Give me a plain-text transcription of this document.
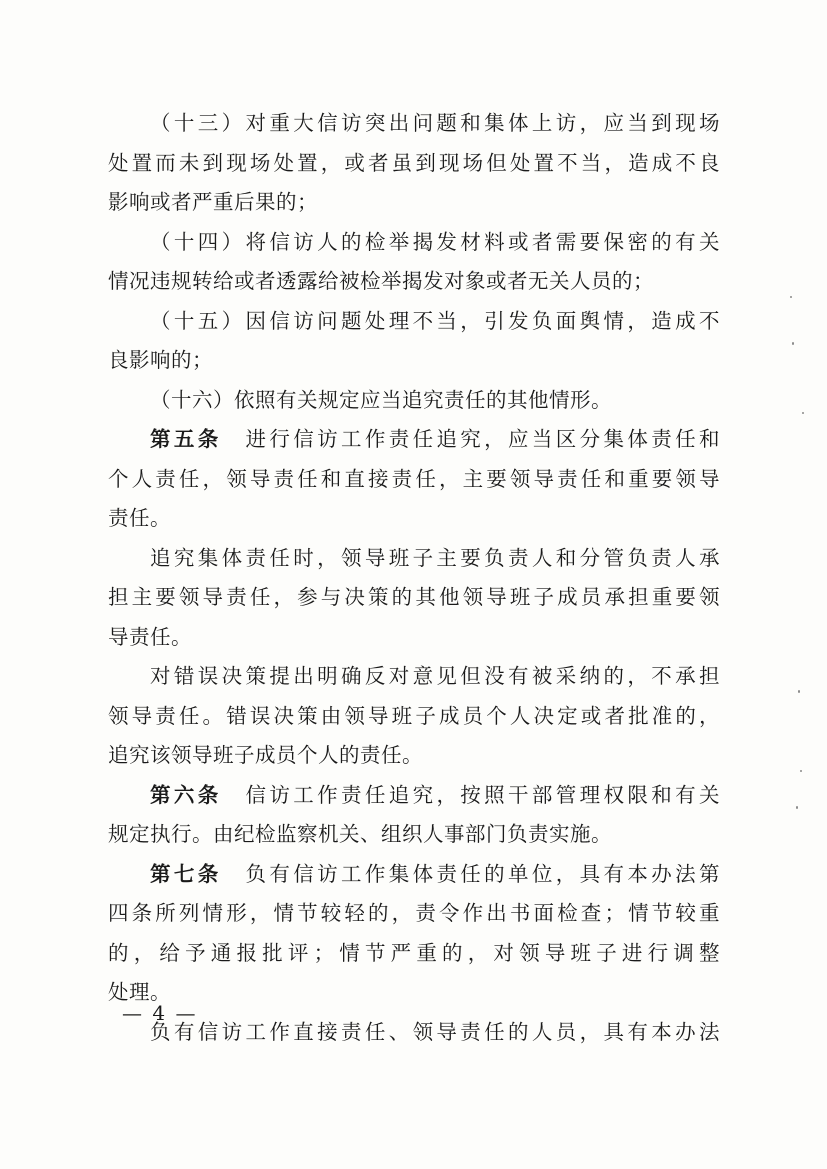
（十三）对重大信访突出问题和集体上访，应当到现场
处置而未到现场处置，或者虽到现场但处置不当，造成不良
影响或者严重后果的；
（十四）将信访人的检举揭发材料或者需要保密的有关
情况违规转给或者透露给被检举揭发对象或者无关人员的；
（十五）因信访问题处理不当，引发负面舆情，造成不
良影响的；
（十六）依照有关规定应当追究责任的其他情形。
第五条　 进行信访工作责任追究，应当区分集体责任和
个人责任，领导责任和直接责任，主要领导责任和重要领导
责任。
追究集体责任时，领导班子主要负责人和分管负责人承
担主要领导责任，参与决策的其他领导班子成员承担重要领
导责任。
对错误决策提出明确反对意见但没有被采纳的，不承担
领导责任。错误决策由领导班子成员个人决定或者批准的，
追究该领导班子成员个人的责任。
第六条　 信访工作责任追究，按照干部管理权限和有关
规定执行。由纪检监察机关、组织人事部门负责实施。
第七条　 负有信访工作集体责任的单位，具有本办法第
四条所列情形，情节较轻的，责令作出书面检查；情节较重
的，给予通报批评；情节严重的，对领导班子进行调整
处理。
负有信访工作直接责任、领导责任的人员，具有本办法
— 4 —
